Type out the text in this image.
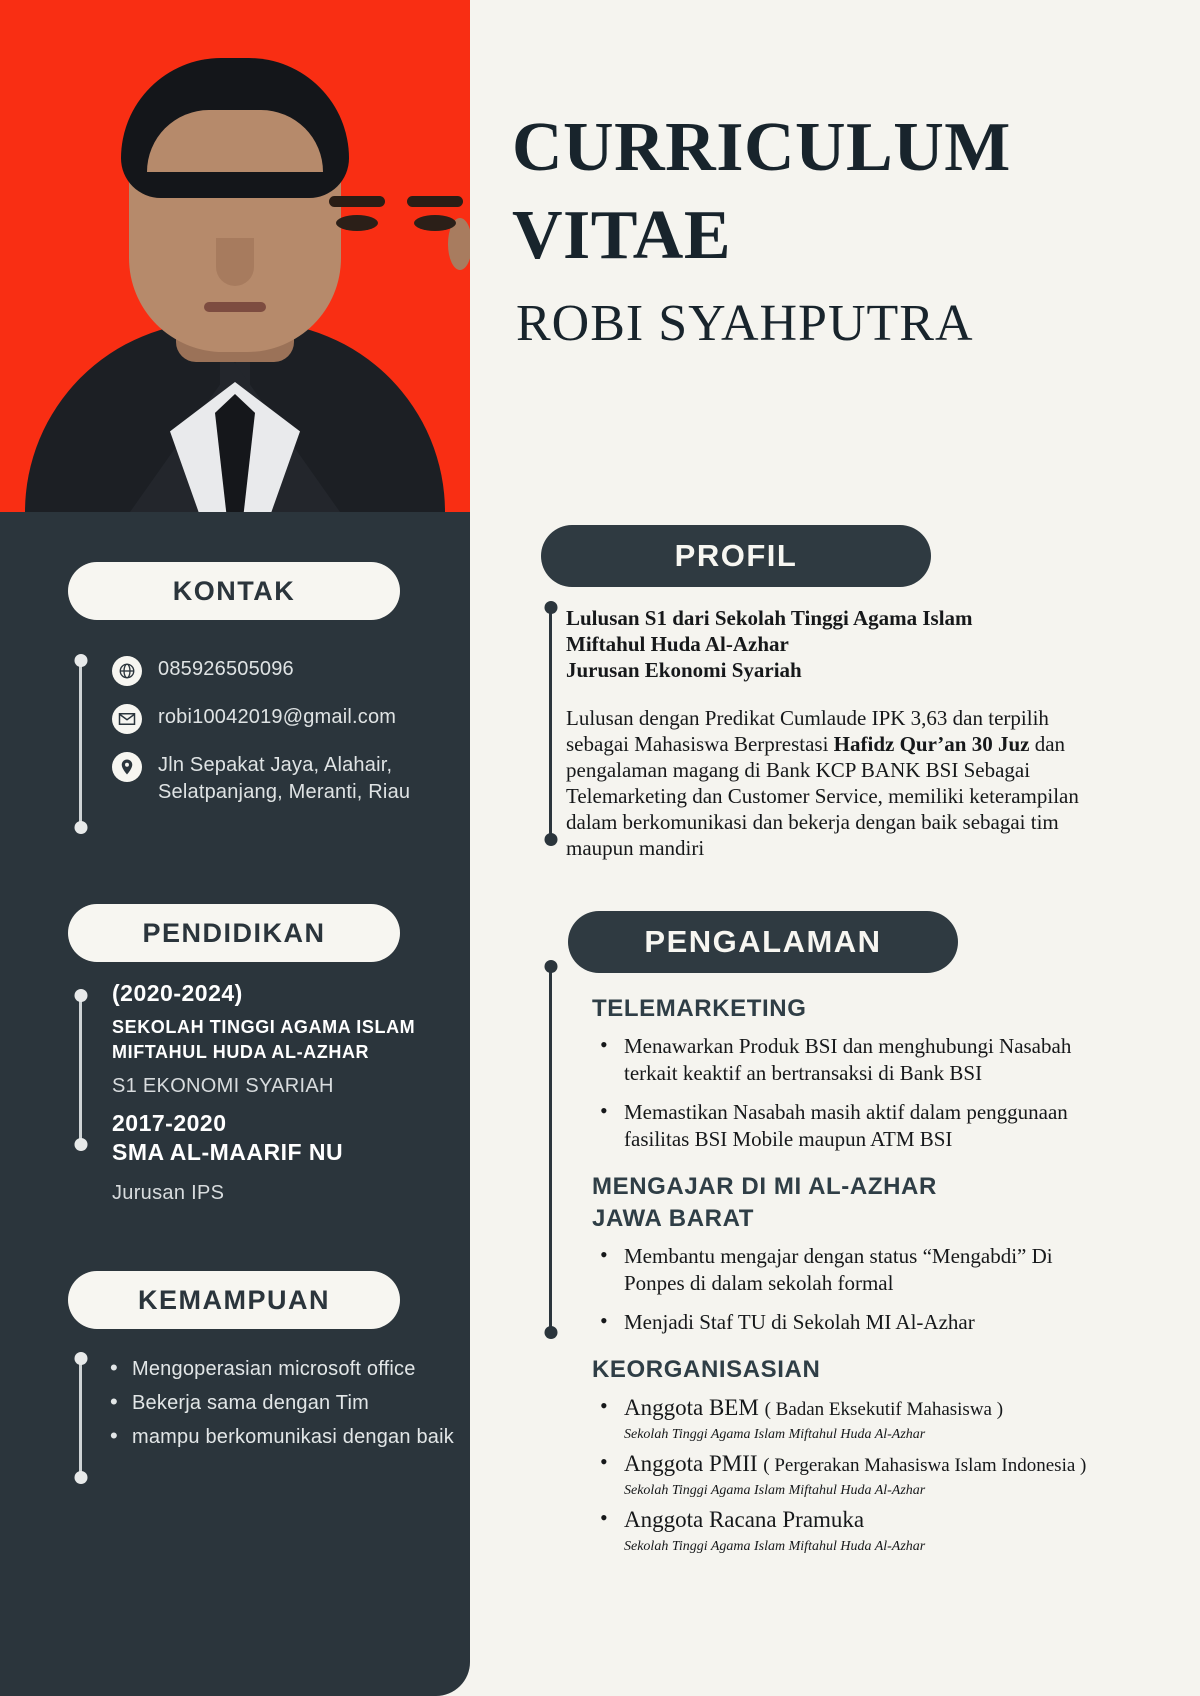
KONTAK
085926505096
robi10042019@gmail.com
Jln Sepakat Jaya, Alahair, Selatpanjang, Meranti, Riau
PENDIDIKAN
(2020-2024)
SEKOLAH TINGGI AGAMA ISLAM
MIFTAHUL HUDA AL-AZHAR
S1 EKONOMI SYARIAH
2017-2020
SMA AL-MAARIF NU
Jurusan IPS
KEMAMPUAN
• Mengoperasian microsoft office
• Bekerja sama dengan Tim
• mampu berkomunikasi dengan baik
CURRICULUM
VITAE
ROBI SYAHPUTRA
PROFIL
Lulusan S1 dari Sekolah Tinggi Agama Islam
Miftahul Huda Al-Azhar
Jurusan Ekonomi Syariah
Lulusan dengan Predikat Cumlaude IPK 3,63 dan terpilih sebagai Mahasiswa Berprestasi Hafidz Qur’an 30 Juz dan pengalaman magang di Bank KCP BANK BSI Sebagai Telemarketing dan Customer Service, memiliki keterampilan dalam berkomunikasi dan bekerja dengan baik sebagai tim maupun mandiri
PENGALAMAN
TELEMARKETING
• Menawarkan Produk BSI dan menghubungi Nasabah terkait keaktif an bertransaksi di Bank BSI
• Memastikan Nasabah masih aktif dalam penggunaan fasilitas BSI Mobile maupun ATM BSI
MENGAJAR DI MI AL-AZHAR
JAWA BARAT
• Membantu mengajar dengan status “Mengabdi” Di Ponpes di dalam sekolah formal
• Menjadi Staf TU di Sekolah MI Al-Azhar
KEORGANISASIAN
• Anggota BEM ( Badan Eksekutif Mahasiswa )
Sekolah Tinggi Agama Islam Miftahul Huda Al-Azhar
• Anggota PMII ( Pergerakan Mahasiswa Islam Indonesia )
Sekolah Tinggi Agama Islam Miftahul Huda Al-Azhar
• Anggota Racana Pramuka
Sekolah Tinggi Agama Islam Miftahul Huda Al-Azhar
